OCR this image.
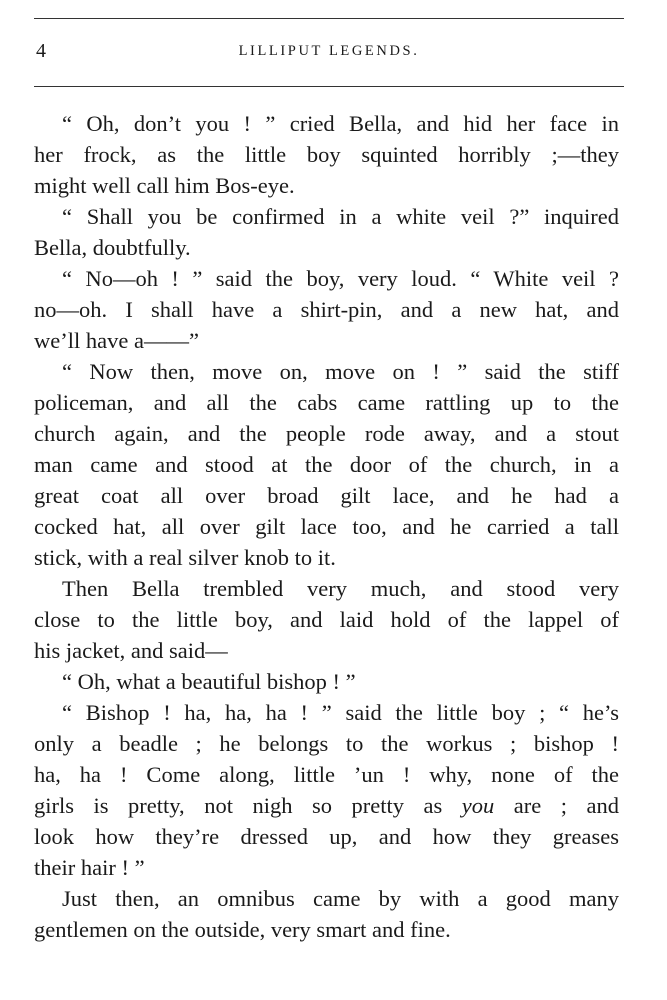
4	LILLIPUT LEGENDS.
“ Oh, don’t you ! ” cried Bella, and hid her face in
her frock, as the little boy squinted horribly ;—they
might well call him Bos-eye.
“ Shall you be confirmed in a white veil ?” inquired
Bella, doubtfully.
“ No—oh ! ” said the boy, very loud. “ White veil ?
no—oh. I shall have a shirt-pin, and a new hat, and
we’ll have a——”
“ Now then, move on, move on ! ” said the stiff
policeman, and all the cabs came rattling up to the
church again, and the people rode away, and a stout
man came and stood at the door of the church, in a
great coat all over broad gilt lace, and he had a
cocked hat, all over gilt lace too, and he carried a tall
stick, with a real silver knob to it.
Then Bella trembled very much, and stood very
close to the little boy, and laid hold of the lappel of
his jacket, and said—
“ Oh, what a beautiful bishop ! ”
“ Bishop ! ha, ha, ha ! ” said the little boy ; “ he’s
only a beadle ; he belongs to the workus ; bishop !
ha, ha ! Come along, little ’un ! why, none of the
girls is pretty, not nigh so pretty as you are ; and
look how they’re dressed up, and how they greases
their hair ! ”
Just then, an omnibus came by with a good many
gentlemen on the outside, very smart and fine.
